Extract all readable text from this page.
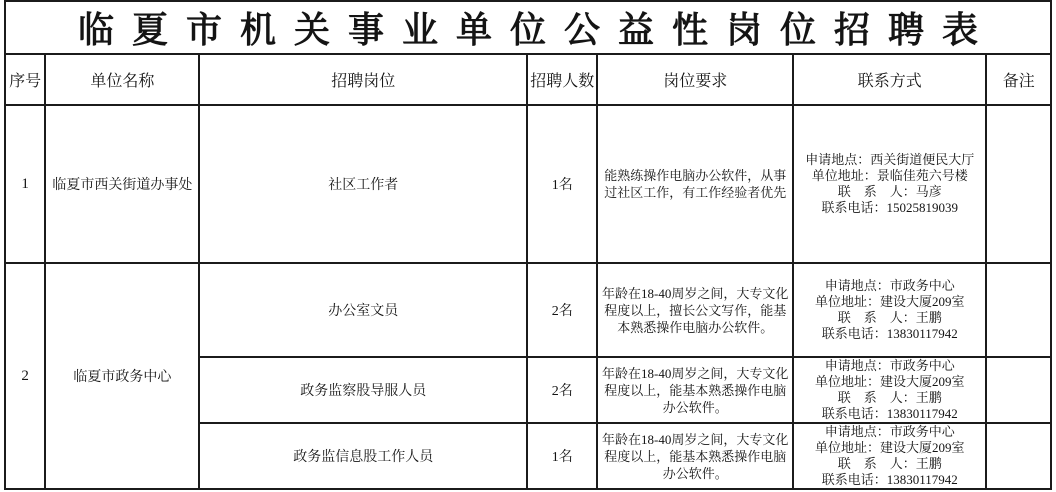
临夏市机关事业单位公益性岗位招聘表						
序号	单位名称	招聘岗位	招聘人数	岗位要求	联系方式	备注
1	临夏市西关街道办事处	社区工作者	1名	能熟练操作电脑办公软件，从事过社区工作，有工作经验者优先	申请地点：西关街道便民大厅
单位地址：景临佳苑六号楼
联　系　人：马彦
联系电话：15025819039	

2	临夏市政务中心	办公室文员	2名	年龄在18-40周岁之间，大专文化程度以上，擅长公文写作，能基本熟悉操作电脑办公软件。	申请地点：市政务中心
单位地址：建设大厦209室
联　系　人：王鹏
联系电话：13830117942	

		政务监察股导服人员	2名	年龄在18-40周岁之间，大专文化程度以上，能基本熟悉操作电脑办公软件。	申请地点：市政务中心
单位地址：建设大厦209室
联　系　人：王鹏
联系电话：13830117942	

		政务监信息股工作人员	1名	年龄在18-40周岁之间，大专文化程度以上，能基本熟悉操作电脑办公软件。	申请地点：市政务中心
单位地址：建设大厦209室
联　系　人：王鹏
联系电话：13830117942	
